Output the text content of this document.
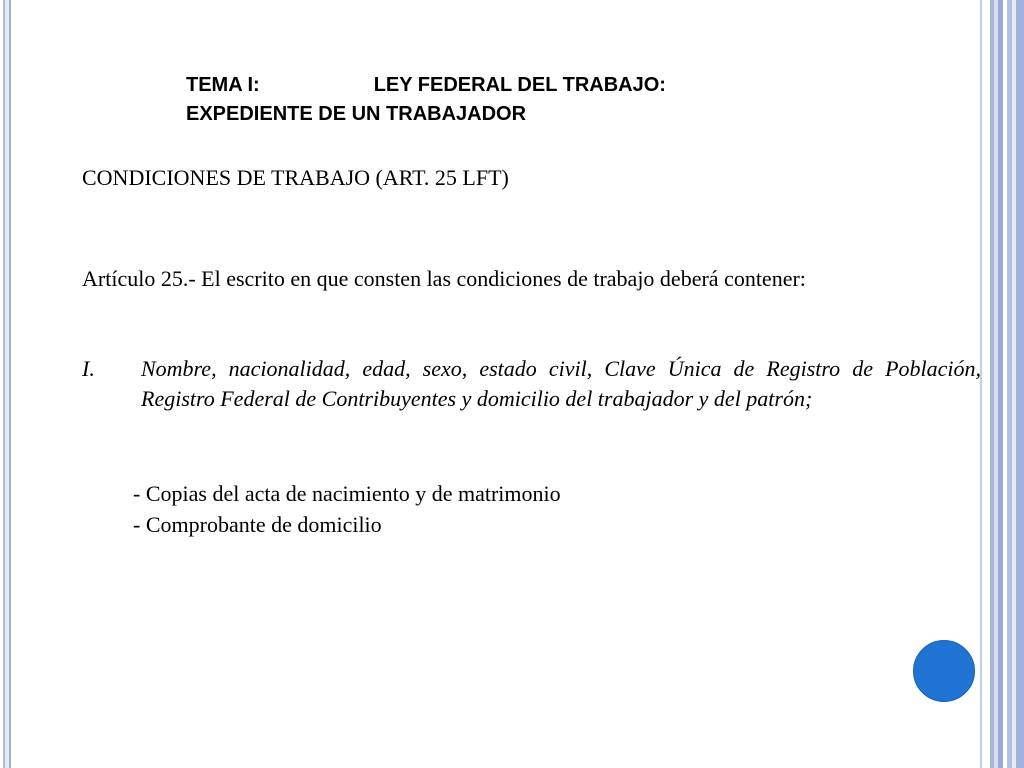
TEMA I:	LEY FEDERAL DEL TRABAJO:
EXPEDIENTE DE UN TRABAJADOR
CONDICIONES DE TRABAJO (ART. 25 LFT)
Artículo 25.- El escrito en que consten las condiciones de trabajo deberá contener:
I. Nombre, nacionalidad, edad, sexo, estado civil, Clave Única de Registro de Población, Registro Federal de Contribuyentes y domicilio del trabajador y del patrón;
- Copias del acta de nacimiento y de matrimonio
- Comprobante de domicilio
